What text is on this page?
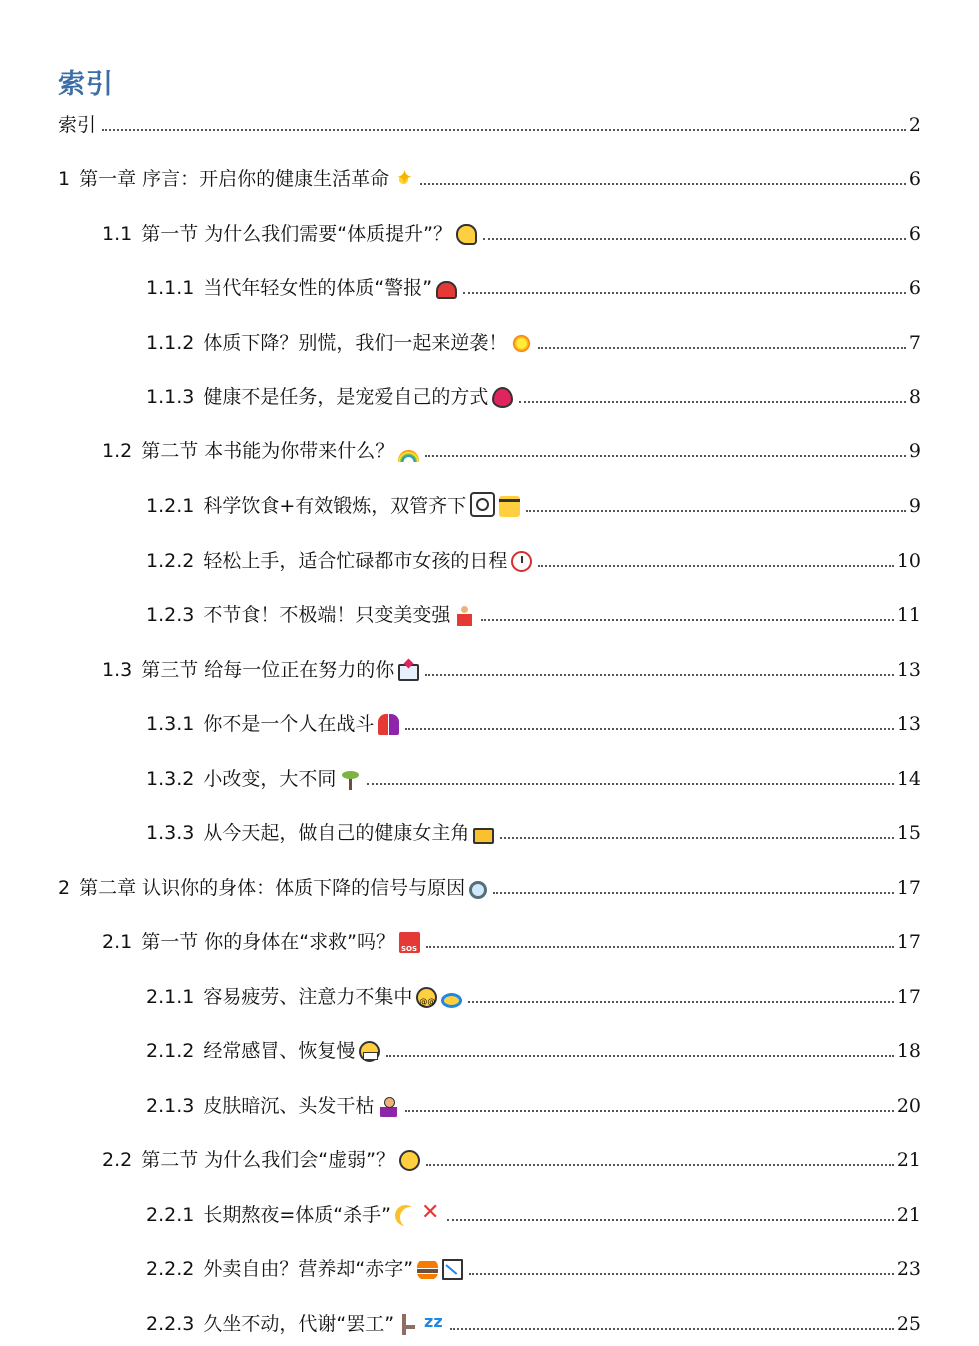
索引
索引	2
1 第一章 序言：开启你的健康生活革命 ✦	6
1.1 第一节 为什么我们需要“体质提升”？	6
1.1.1 当代年轻女性的体质“警报”	6
1.1.2 体质下降？别慌，我们一起来逆袭！	7
1.1.3 健康不是任务，是宠爱自己的方式	8
1.2 第二节 本书能为你带来什么？	9
1.2.1 科学饮食+有效锻炼，双管齐下	9
1.2.2 轻松上手，适合忙碌都市女孩的日程	10
1.2.3 不节食！不极端！只变美变强	11
1.3 第三节 给每一位正在努力的你	13
1.3.1 你不是一个人在战斗	13
1.3.2 小改变，大不同	14
1.3.3 从今天起，做自己的健康女主角	15
2 第二章 认识你的身体：体质下降的信号与原因	17
2.1 第一节 你的身体在“求救”吗？ SOS	17
2.1.1 容易疲劳、注意力不集中 @@	17
2.1.2 经常感冒、恢复慢	18
2.1.3 皮肤暗沉、头发干枯	20
2.2 第二节 为什么我们会“虚弱”？	21
2.2.1 长期熬夜=体质“杀手” ✕	21
2.2.2 外卖自由？营养却“赤字”	23
2.2.3 久坐不动，代谢“罢工” zz	25
